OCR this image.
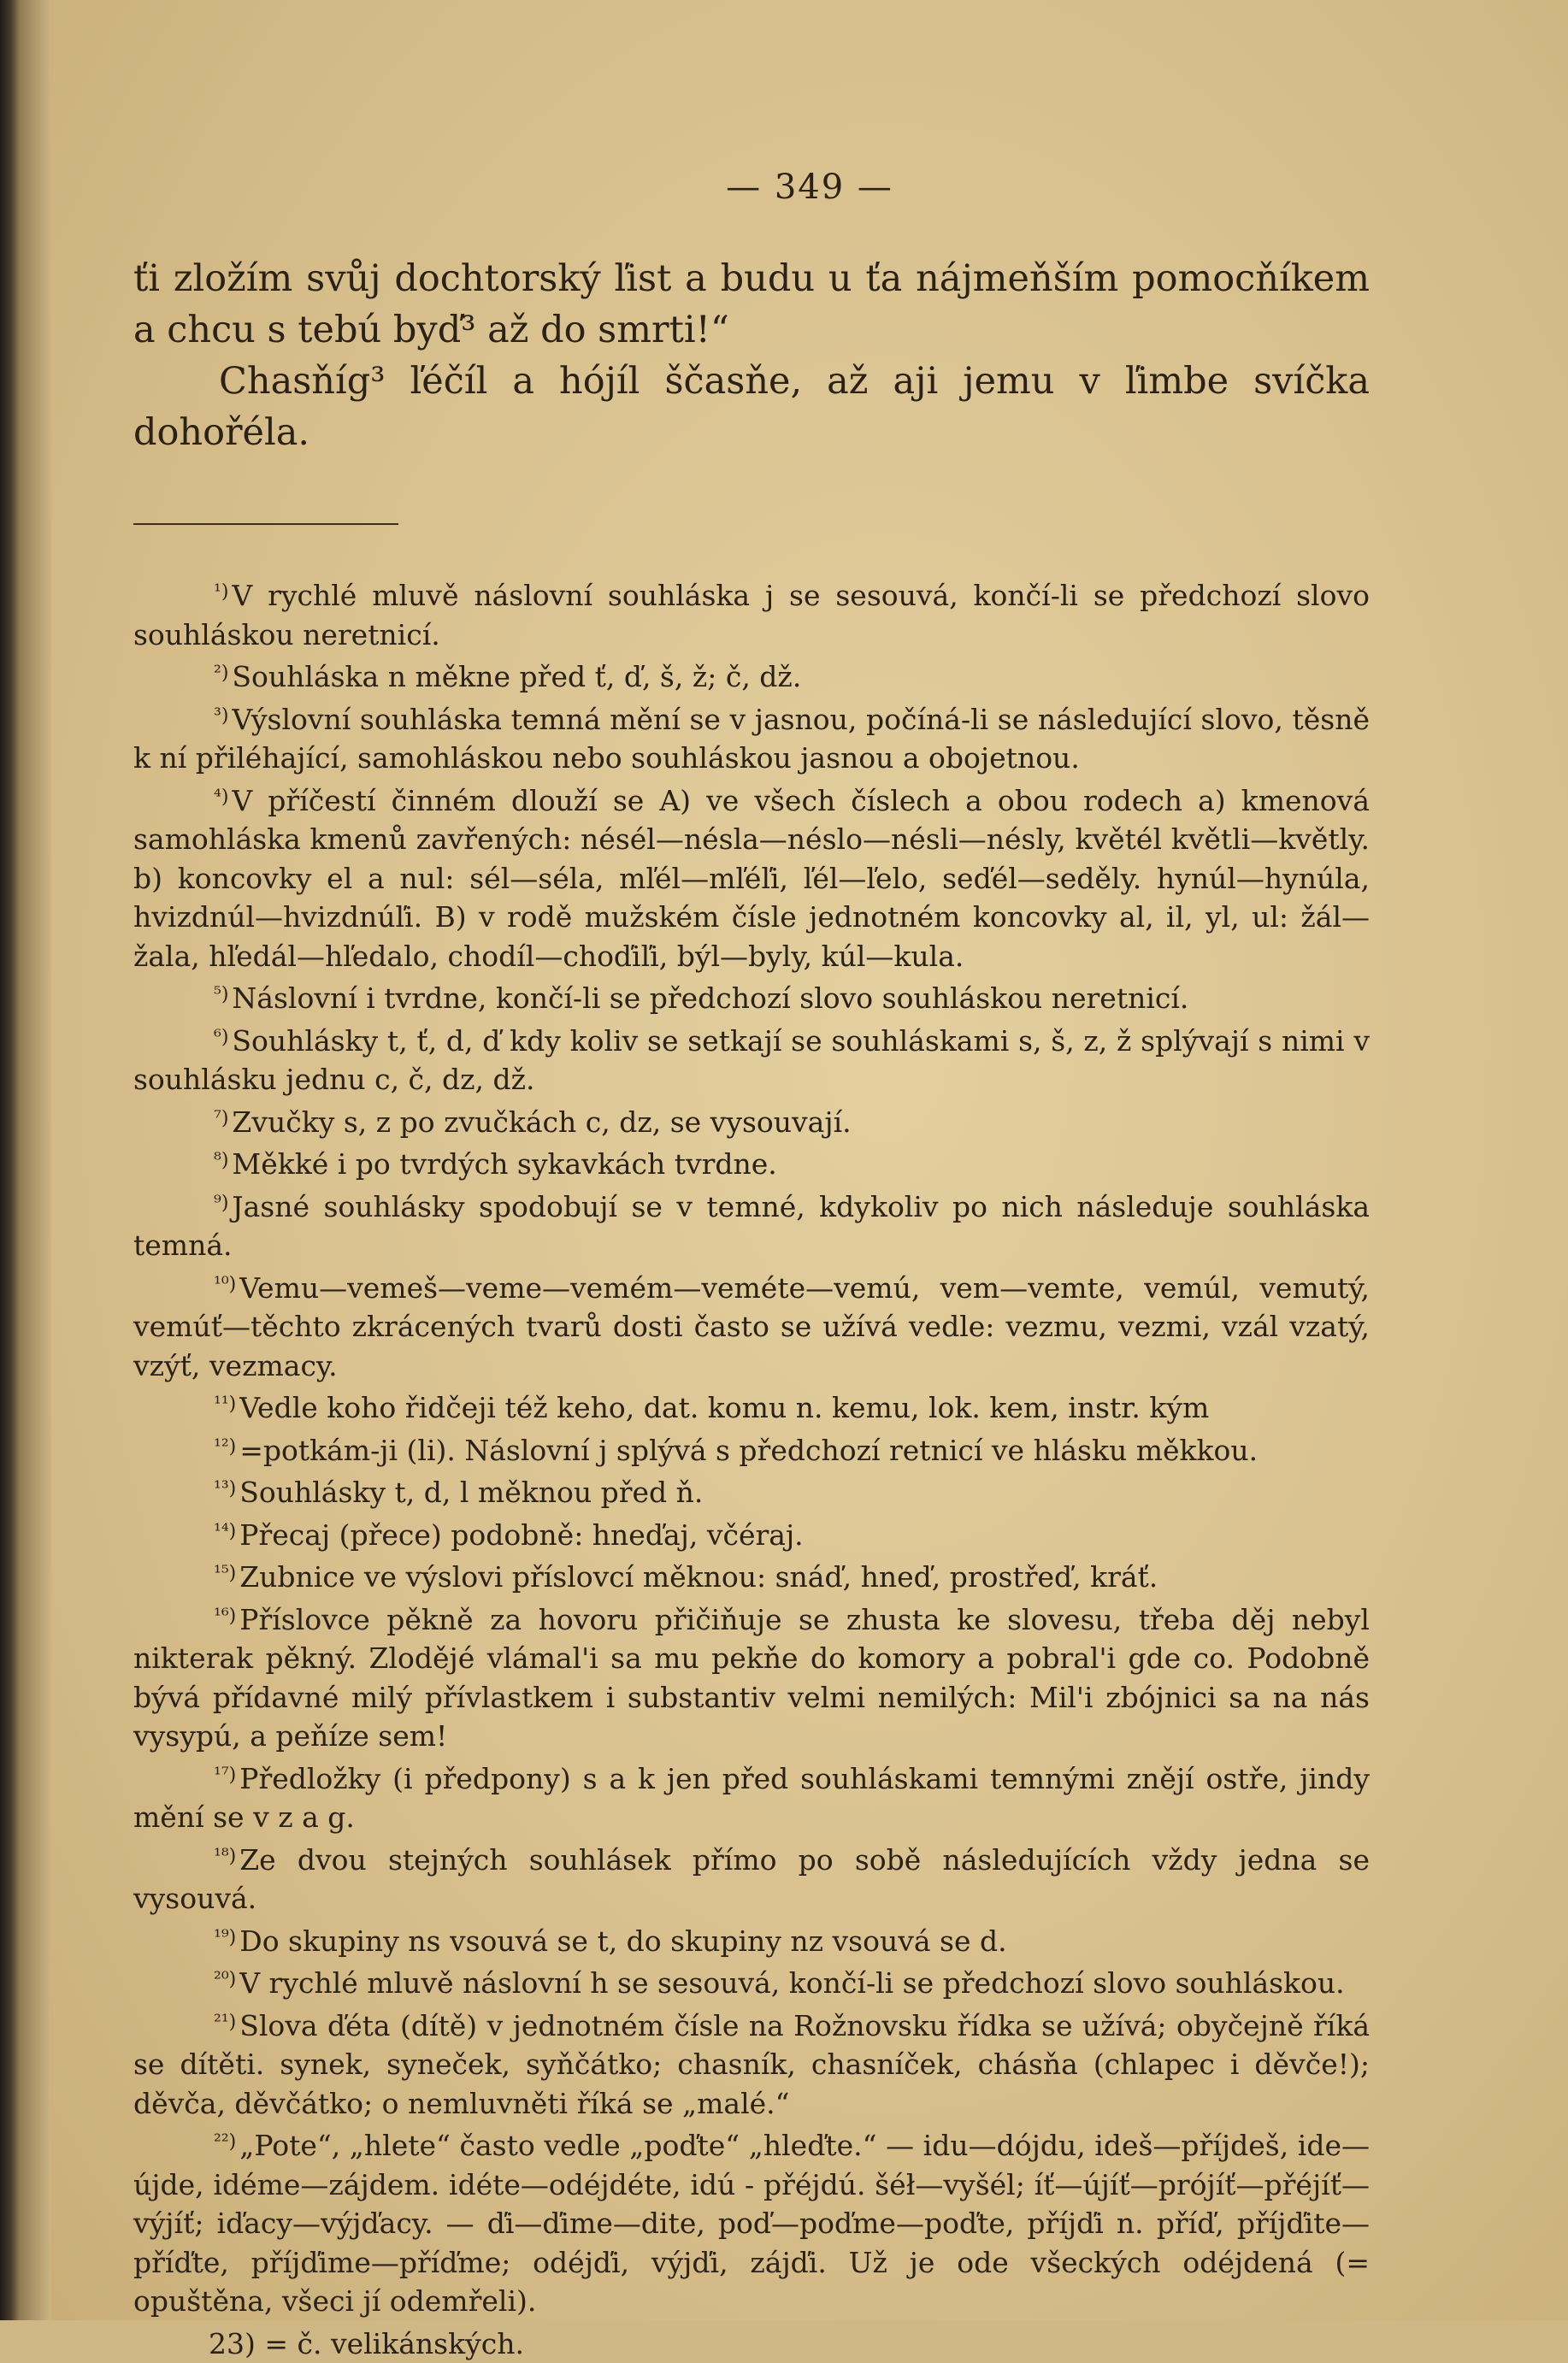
— 349 —

ťi zložím svůj dochtorský ľist a budu u ťa nájmeňším pomocňíkem a chcu s tebú byď³ až do smrti!“

Chasňíg³ ľéčíl a hójíl ščasňe, až aji jemu v ľimbe svíčka dohořéla.

$^{^1)}$ V rychlé mluvě náslovní souhláska j se sesouvá, končí-li se předchozí slovo souhláskou neretnicí.

$^{^2)}$ Souhláska n měkne před ť, ď, š, ž; č, dž.

$^{^3)}$ Výslovní souhláska temná mění se v jasnou, počíná-li se následující slovo, těsně k ní přiléhající, samohláskou nebo souhláskou jasnou a obojetnou.

$^{^4)}$ V příčestí činném dlouží se A) ve všech číslech a obou rodech a) kmenová samohláska kmenů zavřených: nésél—nésla—néslo—nésli—nésly, květél květli—květly. b) koncovky el a nul: sél—séla, mľél—mľéľi, ľél—ľelo, seďél—seděly. hynúl—hynúla, hvizdnúl—hvizdnúľi. B) v rodě mužském čísle jednotném koncovky al, il, yl, ul: žál—žala, hľedál—hľedalo, chodíl—choďiľi, býl—byly, kúl—kula.

$^{^5)}$ Náslovní i tvrdne, končí-li se předchozí slovo souhláskou neretnicí.

$^{^6)}$ Souhlásky t, ť, d, ď kdy koliv se setkají se souhláskami s, š, z, ž splývají s nimi v souhlásku jednu c, č, dz, dž.

$^{^7)}$ Zvučky s, z po zvučkách c, dz, se vysouvají.

$^{^8)}$ Měkké i po tvrdých sykavkách tvrdne.

$^{^9)}$ Jasné souhlásky spodobují se v temné, kdykoliv po nich následuje souhláska temná.

$^{^{10})}$ Vemu—vemeš—veme—vemém—veméte—vemú, vem—vemte, vemúl, vemutý, vemúť—těchto zkrácených tvarů dosti často se užívá vedle: vezmu, vezmi, vzál vzatý, vzýť, vezmacy.

$^{^{11})}$ Vedle koho řidčeji též keho, dat. komu n. kemu, lok. kem, instr. kým

$^{^{12})}$ =potkám-ji (li). Náslovní j splývá s předchozí retnicí ve hlásku měkkou.

$^{^{13})}$ Souhlásky t, d, l měknou před ň.

$^{^{14})}$ Přecaj (přece) podobně: hneďaj, včéraj.

$^{^{15})}$ Zubnice ve výslovi příslovcí měknou: snáď, hneď, prostřeď, kráť.

$^{^{16})}$ Příslovce pěkně za hovoru přičiňuje se zhusta ke slovesu, třeba děj nebyl nikterak pěkný. Zlodějé vlámal'i sa mu pekňe do komory a pobral'i gde co. Podobně bývá přídavné milý přívlastkem i substantiv velmi nemilých: Mil'i zbójnici sa na nás vysypú, a peňíze sem!

$^{^{17})}$ Předložky (i předpony) s a k jen před souhláskami temnými znějí ostře, jindy mění se v z a g.

$^{^{18})}$ Ze dvou stejných souhlásek přímo po sobě následujících vždy jedna se vysouvá.

$^{^{19})}$ Do skupiny ns vsouvá se t, do skupiny nz vsouvá se d.

$^{^{20})}$ V rychlé mluvě náslovní h se sesouvá, končí-li se předchozí slovo souhláskou.

$^{^{21})}$ Slova ďéta (dítě) v jednotném čísle na Rožnovsku řídka se užívá; obyčejně říká se dítěti. synek, syneček, syňčátko; chasník, chasníček, chásňa (chlapec i děvče!); děvča, děvčátko; o nemluvněti říká se „malé.“

$^{^{22})}$ „Pote“, „hlete“ často vedle „poďte“ „hleďte.“ — idu—dójdu, ideš—příjdeš, ide—újde, idéme—zájdem. idéte—odéjdéte, idú - přéjdú. šéł—vyšél; íť—újíť—prójíť—přéjíť—výjíť; iďacy—výjďacy. — ďi—ďime—dite, poď—poďme—poďte, příjďi n. příď, příjďite—příďte, příjďime—příďme; odéjďi, výjďi, zájďi. Už je ode všeckých odéjdená (= opuštěna, všeci jí odemřeli).

23) = č. velikánských.
